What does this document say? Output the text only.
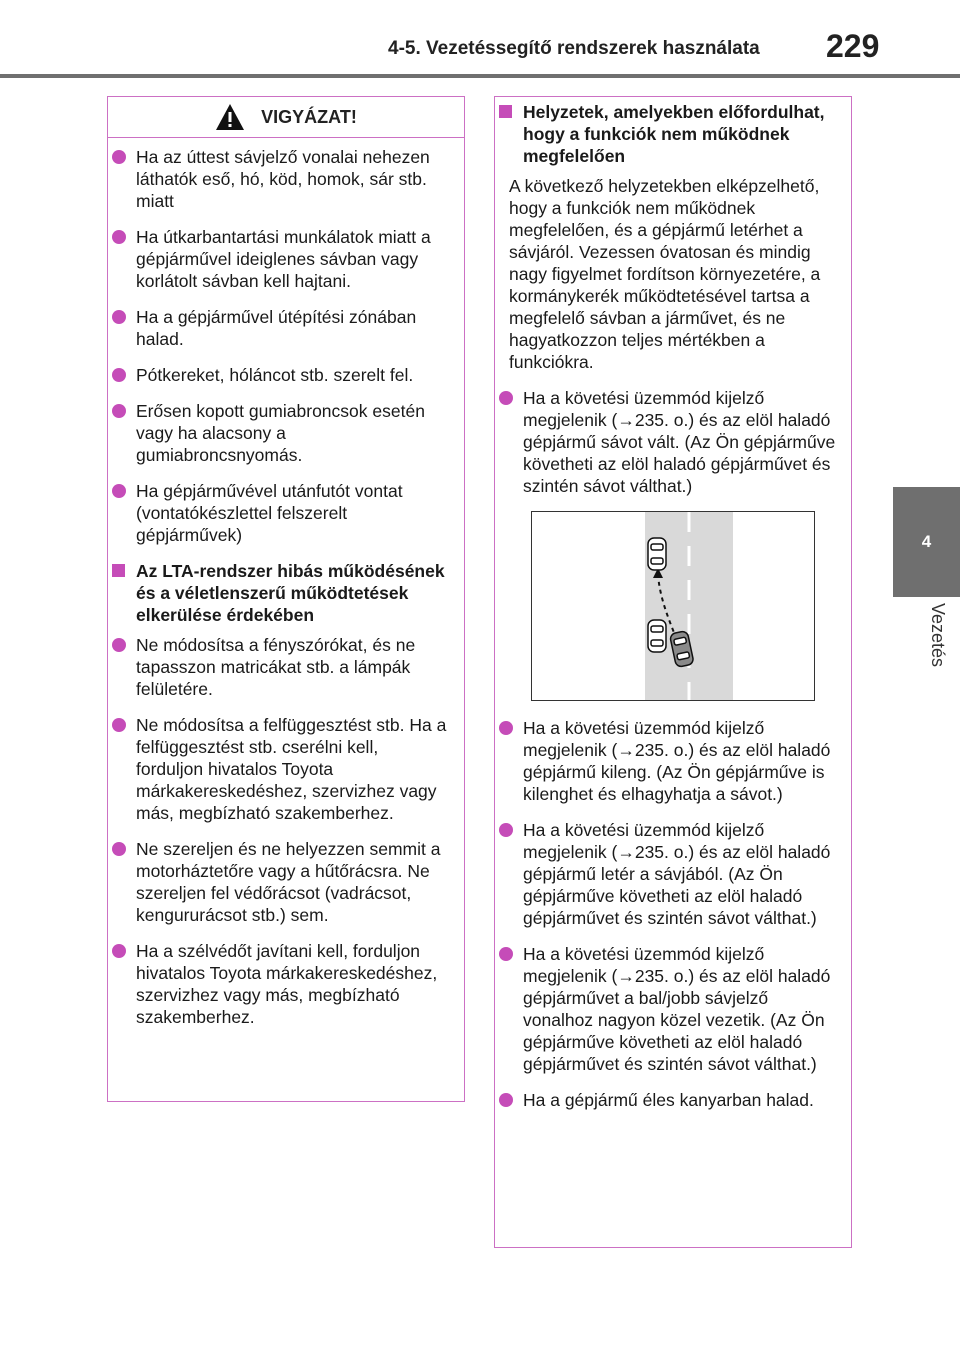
4-5. Vezetéssegítő rendszerek használata 229
4
Vezetés
VIGYÁZAT!
Ha az úttest sávjelző vonalai nehezen láthatók eső, hó, köd, homok, sár stb. miatt
Ha útkarbantartási munkálatok miatt a gépjárművel ideiglenes sávban vagy korlátolt sávban kell hajtani.
Ha a gépjárművel útépítési zónában halad.
Pótkereket, hóláncot stb. szerelt fel.
Erősen kopott gumiabroncsok esetén vagy ha alacsony a gumiabroncsnyomás.
Ha gépjárművével utánfutót vontat (vontatókészlettel felszerelt gépjárművek)
Az LTA-rendszer hibás működésének és a véletlenszerű működtetések elkerülése érdekében
Ne módosítsa a fényszórókat, és ne tapasszon matricákat stb. a lámpák felületére.
Ne módosítsa a felfüggesztést stb. Ha a felfüggesztést stb. cserélni kell, forduljon hivatalos Toyota márkakereskedéshez, szervizhez vagy más, megbízható szakemberhez.
Ne szereljen és ne helyezzen semmit a motorháztetőre vagy a hűtőrácsra. Ne szereljen fel védőrácsot (vadrácsot, kengururácsot stb.) sem.
Ha a szélvédőt javítani kell, forduljon hivatalos Toyota márkakereskedéshez, szervizhez vagy más, megbízható szakemberhez.
Helyzetek, amelyekben előfordulhat, hogy a funkciók nem működnek megfelelően

A következő helyzetekben elképzelhető, hogy a funkciók nem működnek megfelelően, és a gépjármű letérhet a sávjáról. Vezessen óvatosan és mindig nagy figyelmet fordítson környezetére, a kormánykerék működtetésével tartsa a megfelelő sávban a járművet, és ne hagyatkozzon teljes mértékben a funkciókra.

Ha a követési üzemmód kijelző megjelenik (→235. o.) és az elöl haladó gépjármű sávot vált. (Az Ön gépjárműve követheti az elöl haladó gépjárművet és szintén sávot válthat.)
Ha a követési üzemmód kijelző megjelenik (→235. o.) és az elöl haladó gépjármű kileng. (Az Ön gépjárműve is kilenghet és elhagyhatja a sávot.)
Ha a követési üzemmód kijelző megjelenik (→235. o.) és az elöl haladó gépjármű letér a sávjából. (Az Ön gépjárműve követheti az elöl haladó gépjárművet és szintén sávot válthat.)
Ha a követési üzemmód kijelző megjelenik (→235. o.) és az elöl haladó gépjárművet a bal/jobb sávjelző vonalhoz nagyon közel vezetik. (Az Ön gépjárműve követheti az elöl haladó gépjárművet és szintén sávot válthat.)
Ha a gépjármű éles kanyarban halad.
